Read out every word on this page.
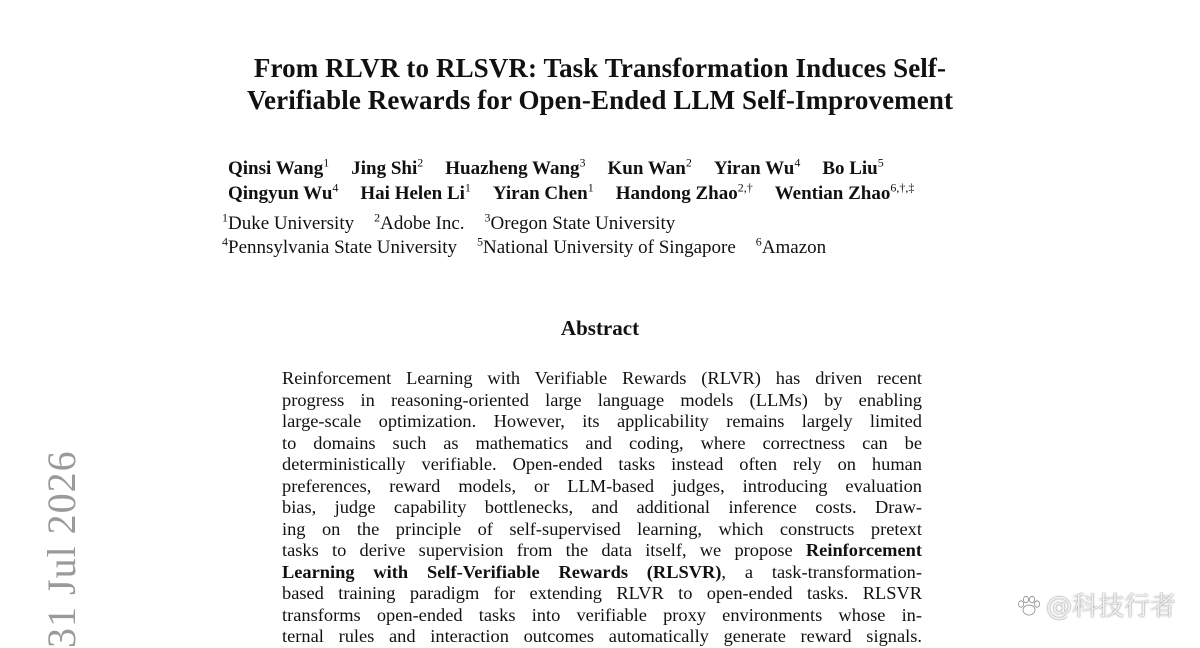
From RLVR to RLSVR: Task Transformation Induces Self-
Verifiable Rewards for Open-Ended LLM Self-Improvement
Qinsi Wang$^1$ Jing Shi$^2$ Huazheng Wang$^3$ Kun Wan$^2$ Yiran Wu$^4$ Bo Liu$^5$
Qingyun Wu$^4$ Hai Helen Li$^1$ Yiran Chen$^1$ Handong Zhao$^{2,\dagger}$ Wentian Zhao$^{6,\dagger,\ddagger}$
$^1$Duke University $^2$Adobe Inc. $^3$Oregon State University
$^4$Pennsylvania State University $^5$National University of Singapore $^6$Amazon
Abstract
Reinforcement Learning with Verifiable Rewards (RLVR) has driven recent
progress in reasoning-oriented large language models (LLMs) by enabling
large-scale optimization. However, its applicability remains largely limited
to domains such as mathematics and coding, where correctness can be
deterministically verifiable. Open-ended tasks instead often rely on human
preferences, reward models, or LLM-based judges, introducing evaluation
bias, judge capability bottlenecks, and additional inference costs. Draw-
ing on the principle of self-supervised learning, which constructs pretext
tasks to derive supervision from the data itself, we propose Reinforcement
Learning with Self-Verifiable Rewards (RLSVR), a task-transformation-
based training paradigm for extending RLVR to open-ended tasks. RLSVR
transforms open-ended tasks into verifiable proxy environments whose in-
ternal rules and interaction outcomes automatically generate reward signals.
31 Jul 2026	@科技行者
